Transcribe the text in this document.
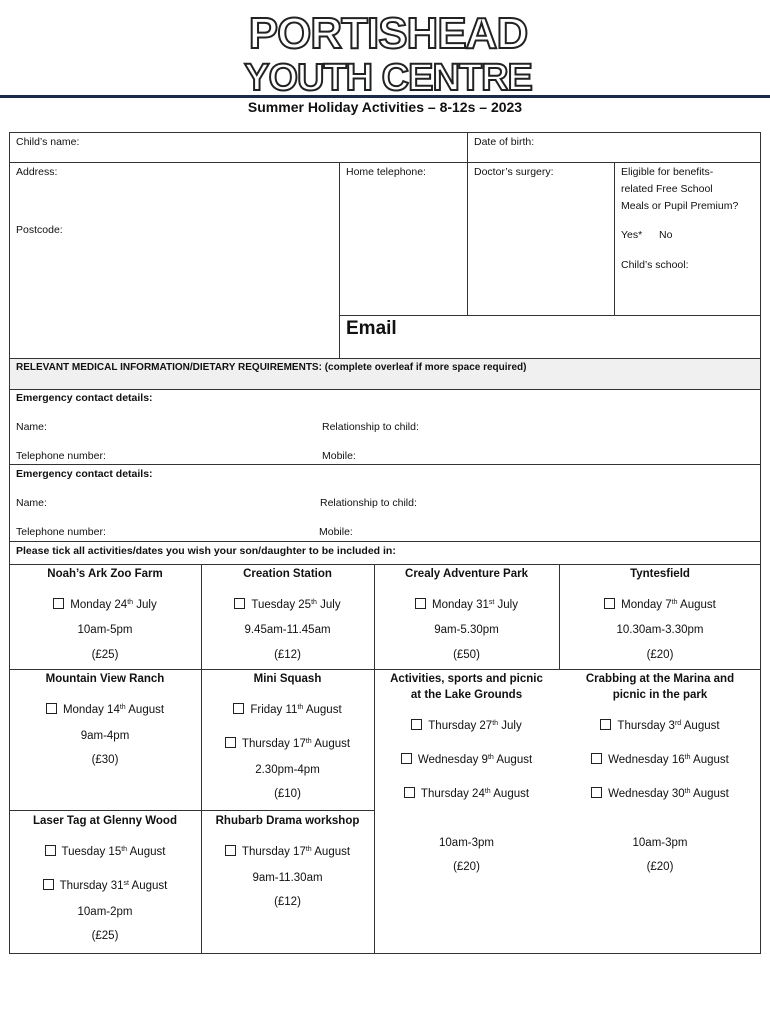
PORTISHEAD
YOUTH CENTRE
Summer Holiday Activities – 8-12s – 2023
Child’s name:	Date of birth:
Address:
Postcode:
Home telephone:	Doctor’s surgery:	Eligible for benefits-
related Free School
Meals or Pupil Premium?
Yes* No
Child’s school:
Email
RELEVANT MEDICAL INFORMATION/DIETARY REQUIREMENTS: (complete overleaf if more space required)
Emergency contact details:
Name:	Relationship to child:
Telephone number:	Mobile:
Emergency contact details:
Name:	Relationship to child:
Telephone number:	Mobile:
Please tick all activities/dates you wish your son/daughter to be included in:
Noah’s Ark Zoo Farm
Monday 24th July
10am-5pm
(£25)
Creation Station
Tuesday 25th July
9.45am-11.45am
(£12)
Crealy Adventure Park
Monday 31st July
9am-5.30pm
(£50)
Tyntesfield
Monday 7th August
10.30am-3.30pm
(£20)
Mountain View Ranch
Monday 14th August
9am-4pm
(£30)
Mini Squash
Friday 11th August
Thursday 17th August
2.30pm-4pm
(£10)
Activities, sports and picnic
at the Lake Grounds
Thursday 27th July
Wednesday 9th August
Thursday 24th August
10am-3pm
(£20)
Crabbing at the Marina and
picnic in the park
Thursday 3rd August
Wednesday 16th August
Wednesday 30th August
10am-3pm
(£20)
Laser Tag at Glenny Wood
Tuesday 15th August
Thursday 31st August
10am-2pm
(£25)
Rhubarb Drama workshop
Thursday 17th August
9am-11.30am
(£12)
